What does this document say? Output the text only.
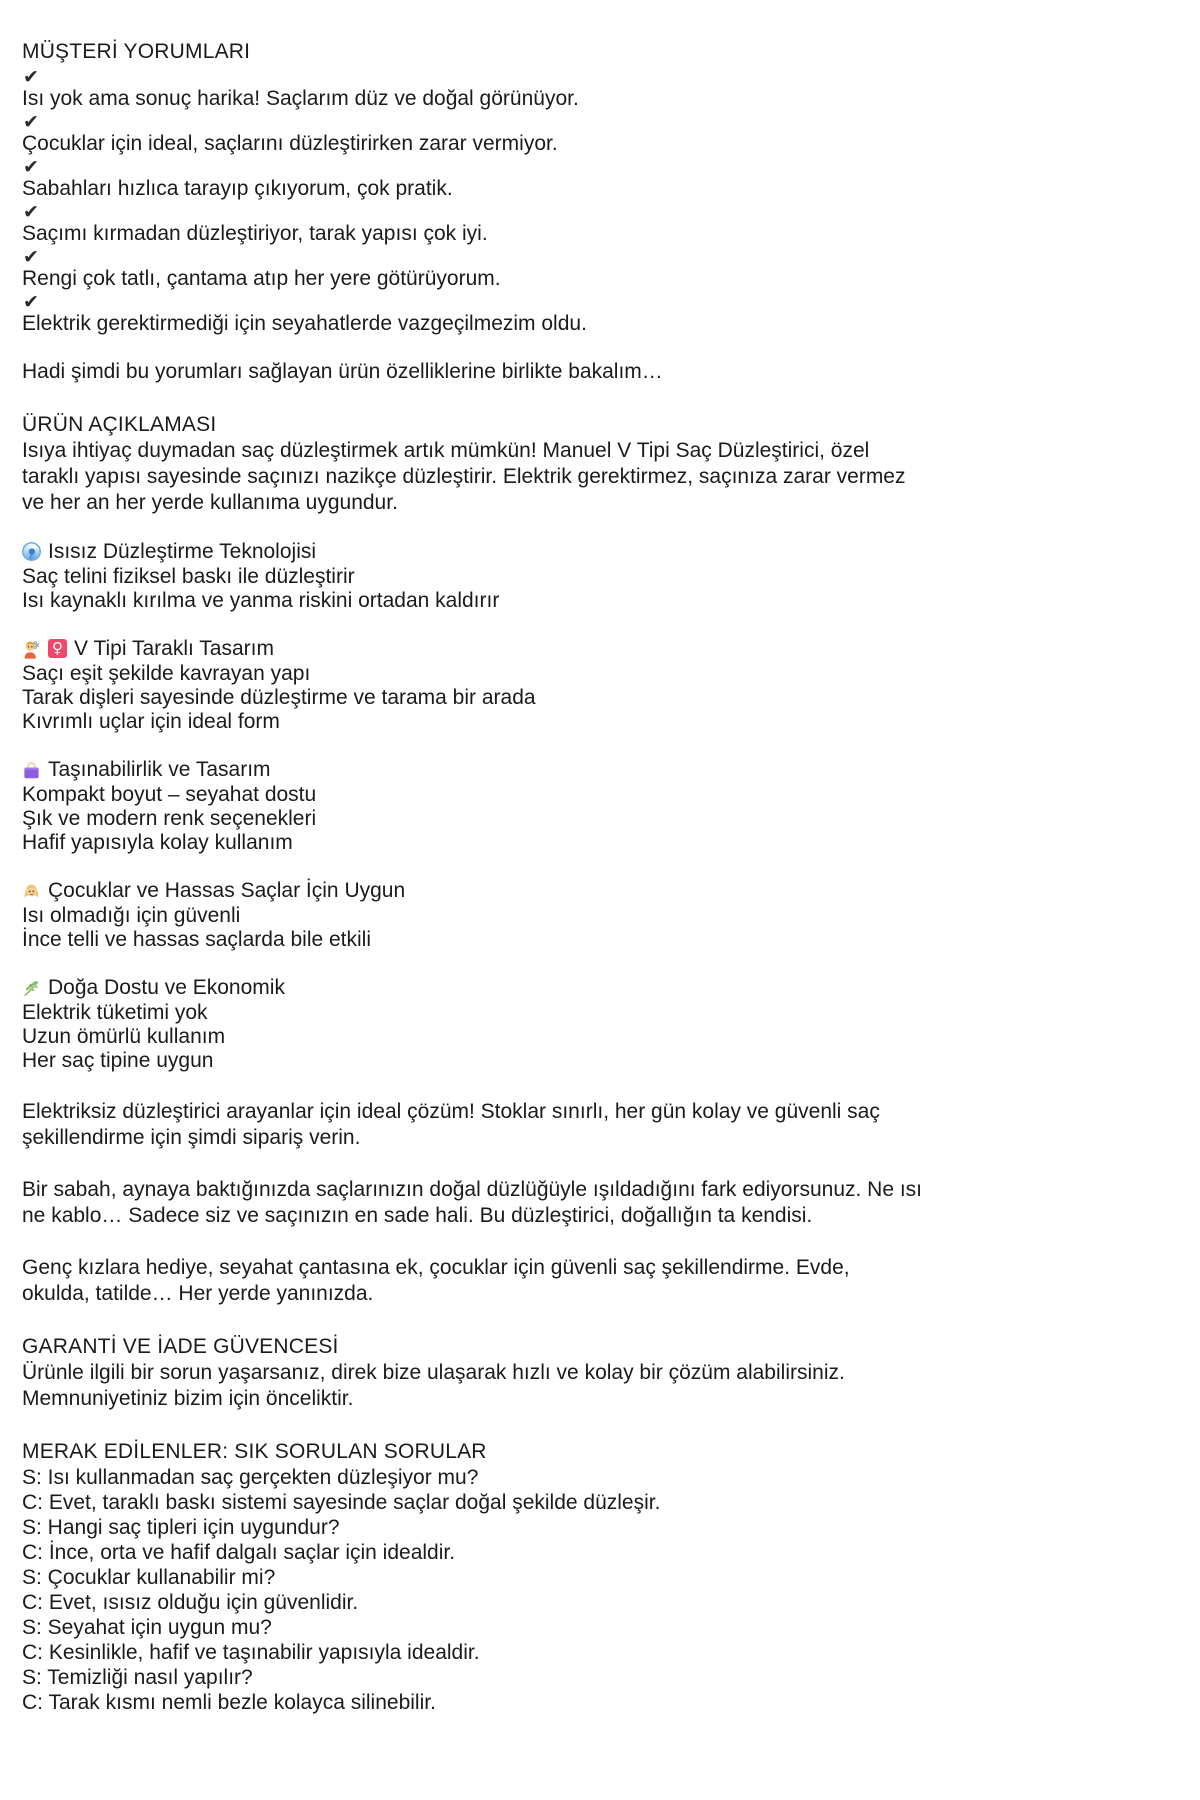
MÜŞTERİ YORUMLARI
✔
Isı yok ama sonuç harika! Saçlarım düz ve doğal görünüyor.
✔
Çocuklar için ideal, saçlarını düzleştirirken zarar vermiyor.
✔
Sabahları hızlıca tarayıp çıkıyorum, çok pratik.
✔
Saçımı kırmadan düzleştiriyor, tarak yapısı çok iyi.
✔
Rengi çok tatlı, çantama atıp her yere götürüyorum.
✔
Elektrik gerektirmediği için seyahatlerde vazgeçilmezim oldu.
Hadi şimdi bu yorumları sağlayan ürün özelliklerine birlikte bakalım…
ÜRÜN AÇIKLAMASI
Isıya ihtiyaç duymadan saç düzleştirmek artık mümkün! Manuel V Tipi Saç Düzleştirici, özel
taraklı yapısı sayesinde saçınızı nazikçe düzleştirir. Elektrik gerektirmez, saçınıza zarar vermez
ve her an her yerde kullanıma uygundur.
Isısız Düzleştirme Teknolojisi
Saç telini fiziksel baskı ile düzleştirir
Isı kaynaklı kırılma ve yanma riskini ortadan kaldırır
♀ V Tipi Taraklı Tasarım
Saçı eşit şekilde kavrayan yapı
Tarak dişleri sayesinde düzleştirme ve tarama bir arada
Kıvrımlı uçlar için ideal form
Taşınabilirlik ve Tasarım
Kompakt boyut – seyahat dostu
Şık ve modern renk seçenekleri
Hafif yapısıyla kolay kullanım
Çocuklar ve Hassas Saçlar İçin Uygun
Isı olmadığı için güvenli
İnce telli ve hassas saçlarda bile etkili
Doğa Dostu ve Ekonomik
Elektrik tüketimi yok
Uzun ömürlü kullanım
Her saç tipine uygun
Elektriksiz düzleştirici arayanlar için ideal çözüm! Stoklar sınırlı, her gün kolay ve güvenli saç
şekillendirme için şimdi sipariş verin.
Bir sabah, aynaya baktığınızda saçlarınızın doğal düzlüğüyle ışıldadığını fark ediyorsunuz. Ne ısı
ne kablo… Sadece siz ve saçınızın en sade hali. Bu düzleştirici, doğallığın ta kendisi.
Genç kızlara hediye, seyahat çantasına ek, çocuklar için güvenli saç şekillendirme. Evde,
okulda, tatilde… Her yerde yanınızda.
GARANTİ VE İADE GÜVENCESİ
Ürünle ilgili bir sorun yaşarsanız, direk bize ulaşarak hızlı ve kolay bir çözüm alabilirsiniz.
Memnuniyetiniz bizim için önceliktir.
MERAK EDİLENLER: SIK SORULAN SORULAR
S: Isı kullanmadan saç gerçekten düzleşiyor mu?
C: Evet, taraklı baskı sistemi sayesinde saçlar doğal şekilde düzleşir.
S: Hangi saç tipleri için uygundur?
C: İnce, orta ve hafif dalgalı saçlar için idealdir.
S: Çocuklar kullanabilir mi?
C: Evet, ısısız olduğu için güvenlidir.
S: Seyahat için uygun mu?
C: Kesinlikle, hafif ve taşınabilir yapısıyla idealdir.
S: Temizliği nasıl yapılır?
C: Tarak kısmı nemli bezle kolayca silinebilir.
